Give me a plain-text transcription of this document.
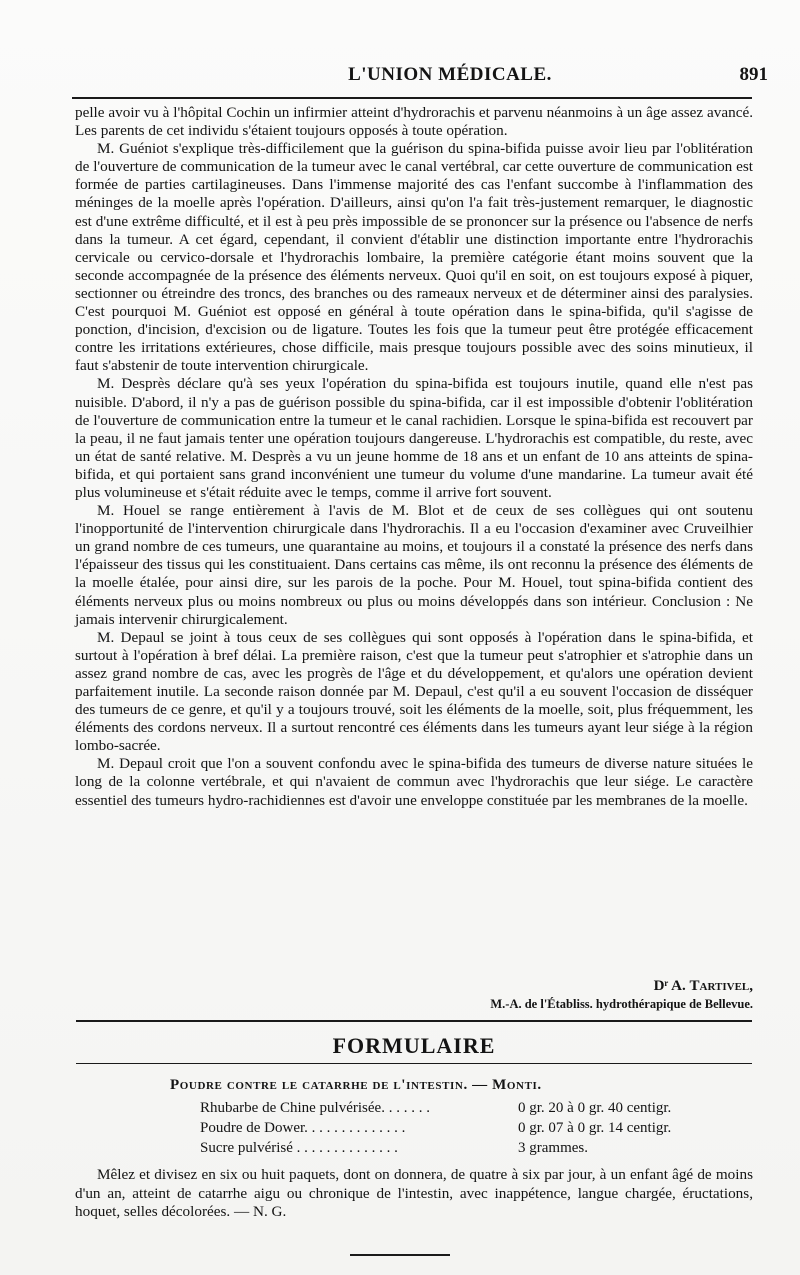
L'UNION MÉDICALE.	891

pelle avoir vu à l'hôpital Cochin un infirmier atteint d'hydrorachis et parvenu néanmoins à un âge assez avancé. Les parents de cet individu s'étaient toujours opposés à toute opération.

M. Guéniot s'explique très-difficilement que la guérison du spina-bifida puisse avoir lieu par l'oblitération de l'ouverture de communication de la tumeur avec le canal vertébral, car cette ouverture de communication est formée de parties cartilagineuses. Dans l'immense majorité des cas l'enfant succombe à l'inflammation des méninges de la moelle après l'opération. D'ailleurs, ainsi qu'on l'a fait très-justement remarquer, le diagnostic est d'une extrême difficulté, et il est à peu près impossible de se prononcer sur la présence ou l'absence de nerfs dans la tumeur. A cet égard, cependant, il convient d'établir une distinction importante entre l'hydrorachis cervicale ou cervico-dorsale et l'hydrorachis lombaire, la première catégorie étant moins souvent que la seconde accompagnée de la présence des éléments nerveux. Quoi qu'il en soit, on est toujours exposé à piquer, sectionner ou étreindre des troncs, des branches ou des rameaux nerveux et de déterminer ainsi des paralysies. C'est pourquoi M. Guéniot est opposé en général à toute opération dans le spina-bifida, qu'il s'agisse de ponction, d'incision, d'excision ou de ligature. Toutes les fois que la tumeur peut être protégée efficacement contre les irritations extérieures, chose difficile, mais presque toujours possible avec des soins minutieux, il faut s'abstenir de toute intervention chirurgicale.

M. Desprès déclare qu'à ses yeux l'opération du spina-bifida est toujours inutile, quand elle n'est pas nuisible. D'abord, il n'y a pas de guérison possible du spina-bifida, car il est impossible d'obtenir l'oblitération de l'ouverture de communication entre la tumeur et le canal rachidien. Lorsque le spina-bifida est recouvert par la peau, il ne faut jamais tenter une opération toujours dangereuse. L'hydrorachis est compatible, du reste, avec un état de santé relative. M. Desprès a vu un jeune homme de 18 ans et un enfant de 10 ans atteints de spina-bifida, et qui portaient sans grand inconvénient une tumeur du volume d'une mandarine. La tumeur avait été plus volumineuse et s'était réduite avec le temps, comme il arrive fort souvent.

M. Houel se range entièrement à l'avis de M. Blot et de ceux de ses collègues qui ont soutenu l'inopportunité de l'intervention chirurgicale dans l'hydrorachis. Il a eu l'occasion d'examiner avec Cruveilhier un grand nombre de ces tumeurs, une quarantaine au moins, et toujours il a constaté la présence des nerfs dans l'épaisseur des tissus qui les constituaient. Dans certains cas même, ils ont reconnu la présence des éléments de la moelle étalée, pour ainsi dire, sur les parois de la poche. Pour M. Houel, tout spina-bifida contient des éléments nerveux plus ou moins nombreux ou plus ou moins développés dans son intérieur. Conclusion : Ne jamais intervenir chirurgicalement.

M. Depaul se joint à tous ceux de ses collègues qui sont opposés à l'opération dans le spina-bifida, et surtout à l'opération à bref délai. La première raison, c'est que la tumeur peut s'atrophier et s'atrophie dans un assez grand nombre de cas, avec les progrès de l'âge et du développement, et qu'alors une opération devient parfaitement inutile. La seconde raison donnée par M. Depaul, c'est qu'il a eu souvent l'occasion de disséquer des tumeurs de ce genre, et qu'il y a toujours trouvé, soit les éléments de la moelle, soit, plus fréquemment, les éléments des cordons nerveux. Il a surtout rencontré ces éléments dans les tumeurs ayant leur siége à la région lombo-sacrée.

M. Depaul croit que l'on a souvent confondu avec le spina-bifida des tumeurs de diverse nature situées le long de la colonne vertébrale, et qui n'avaient de commun avec l'hydrorachis que leur siége. Le caractère essentiel des tumeurs hydro-rachidiennes est d'avoir une enveloppe constituée par les membranes de la moelle.

Dʳ A. Tartivel,
M.-A. de l'Établiss. hydrothérapique de Bellevue.
FORMULAIRE
Poudre contre le catarrhe de l'intestin. — Monti.
Rhubarbe de Chine pulvérisée. . . . . . .	0 gr. 20 à 0 gr. 40 centigr.
Poudre de Dower. . . . . . . . . . . . . .	0 gr. 07 à 0 gr. 14 centigr.
Sucre pulvérisé . . . . . . . . . . . . . .	3 grammes.

Mêlez et divisez en six ou huit paquets, dont on donnera, de quatre à six par jour, à un enfant âgé de moins d'un an, atteint de catarrhe aigu ou chronique de l'intestin, avec inappétence, langue chargée, éructations, hoquet, selles décolorées. — N. G.
